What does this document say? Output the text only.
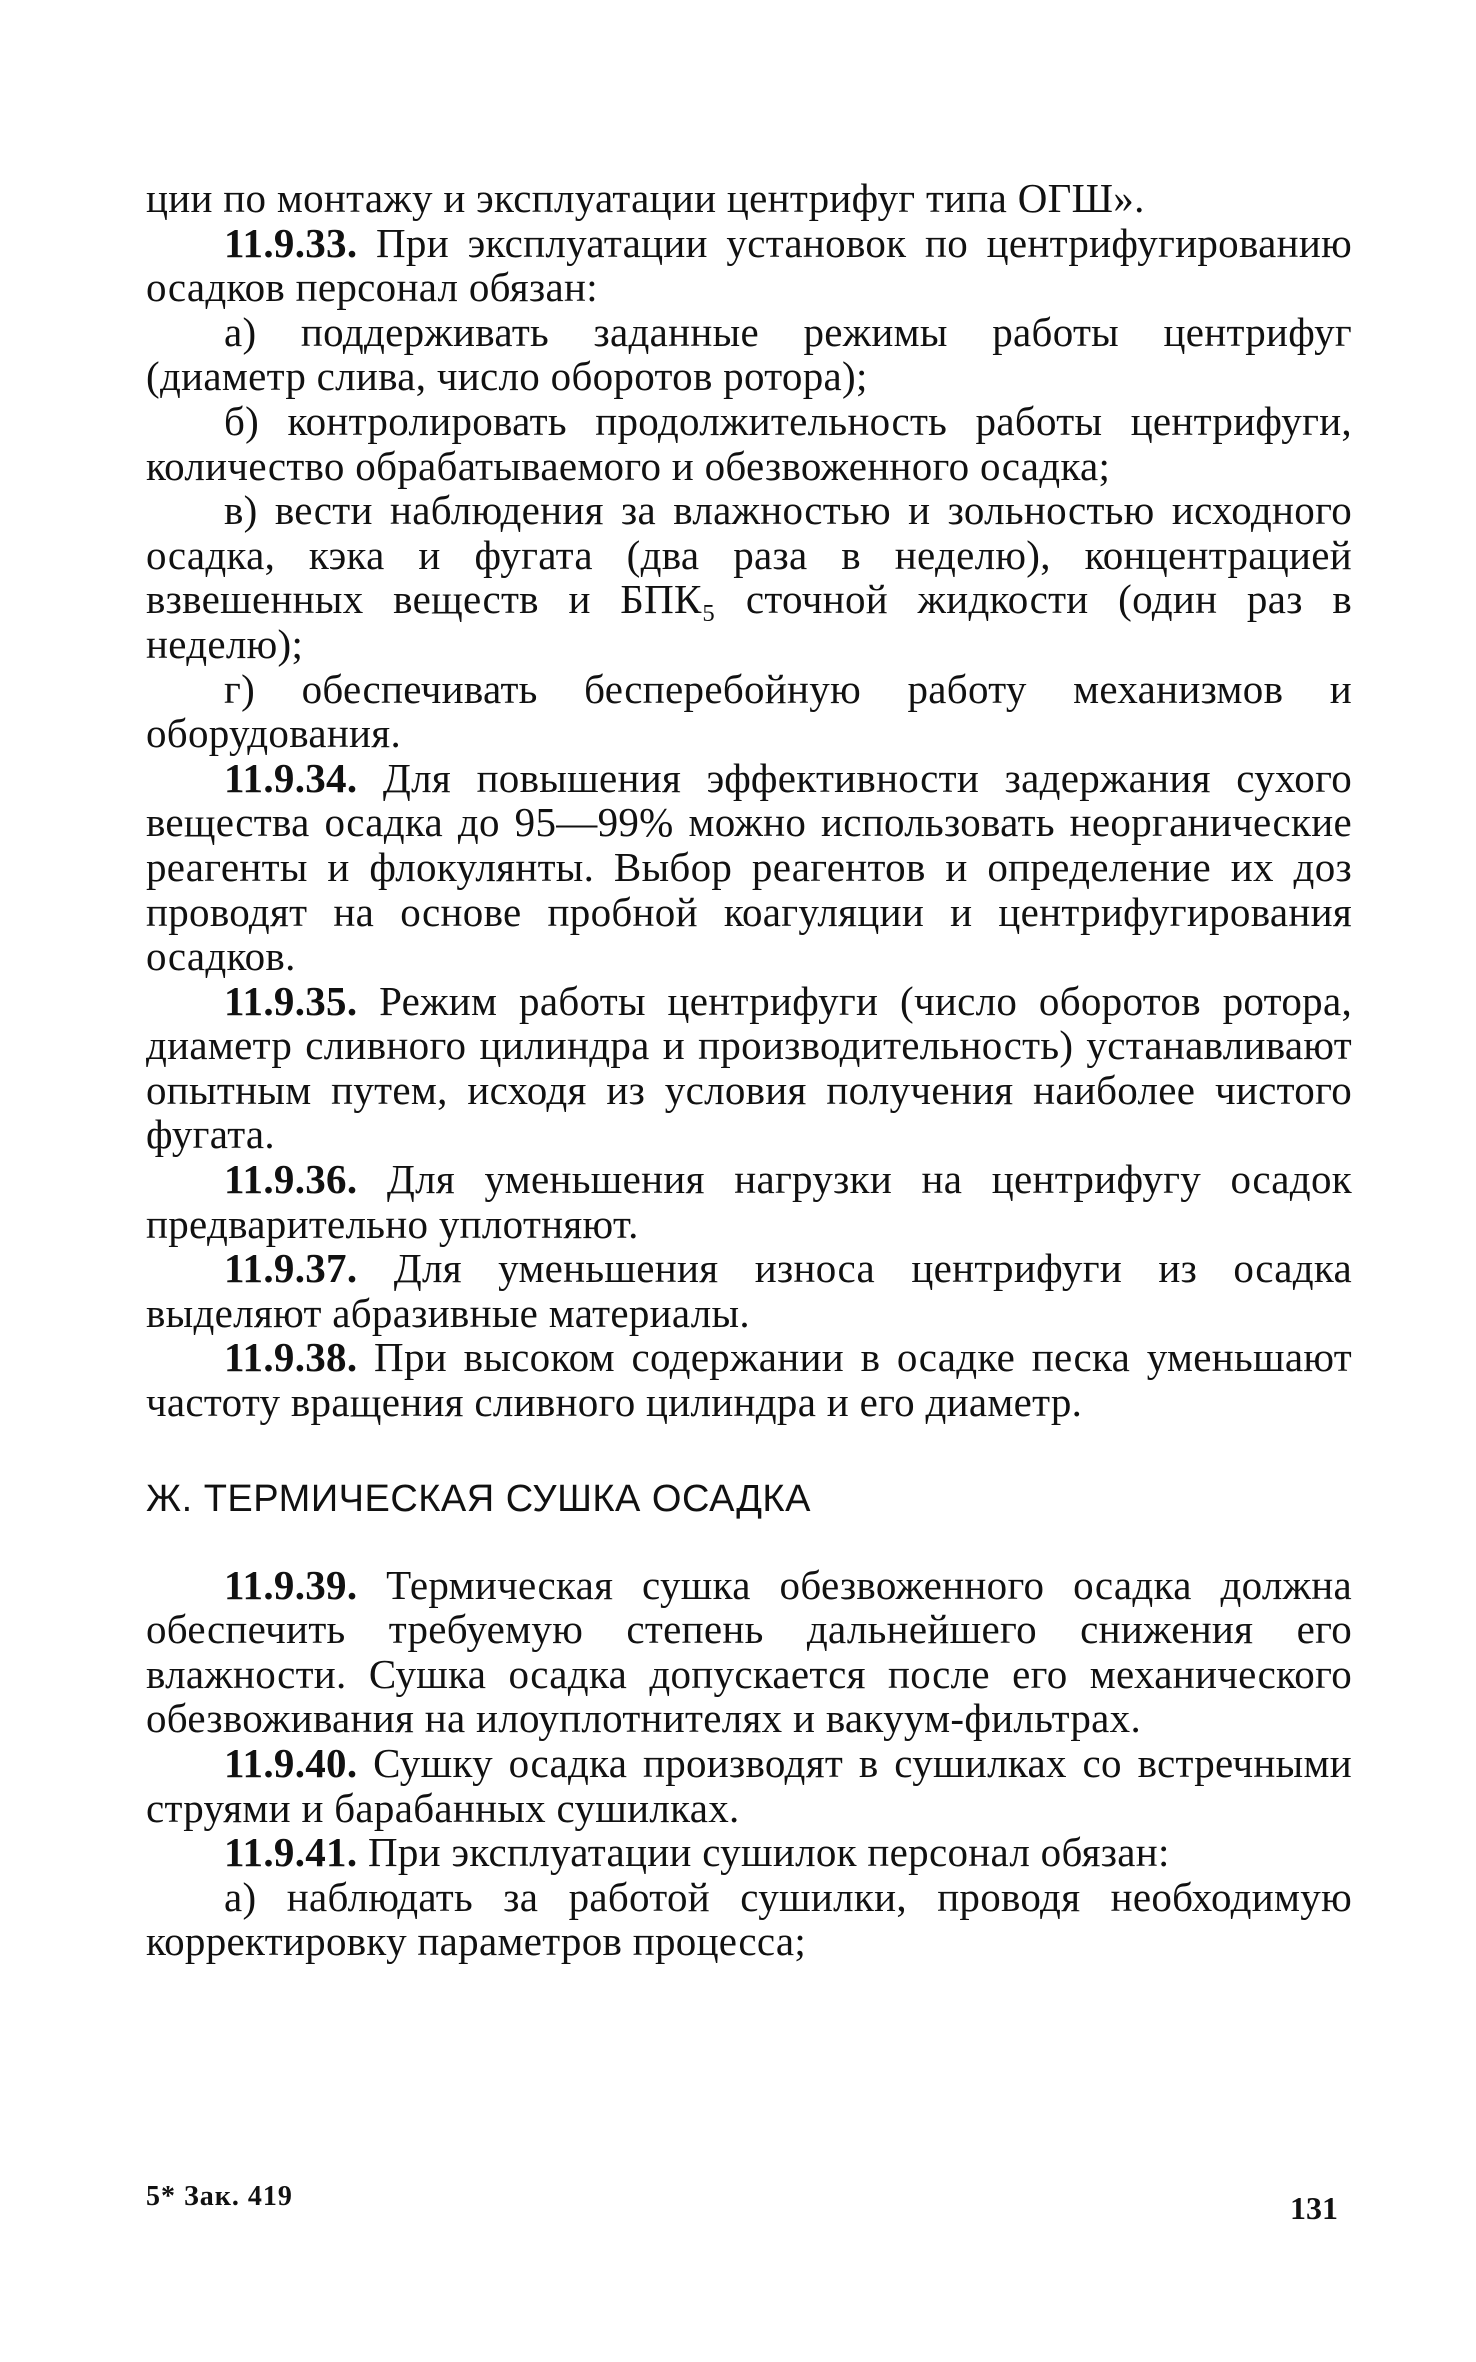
ции по монтажу и эксплуатации центрифуг типа ОГШ».

11.9.33. При эксплуатации установок по центрифугированию осадков персонал обязан:

а) поддерживать заданные режимы работы центрифуг (диаметр слива, число оборотов ротора);

б) контролировать продолжительность работы центрифуги, количество обрабатываемого и обезвоженного осадка;

в) вести наблюдения за влажностью и зольностью исходного осадка, кэка и фугата (два раза в неделю), концентрацией взвешенных веществ и БПК₅ сточной жидкости (один раз в неделю);

г) обеспечивать бесперебойную работу механизмов и оборудования.

11.9.34. Для повышения эффективности задержания сухого вещества осадка до 95—99% можно использовать неорганические реагенты и флокулянты. Выбор реагентов и определение их доз проводят на основе пробной коагуляции и центрифугирования осадков.

11.9.35. Режим работы центрифуги (число оборотов ротора, диаметр сливного цилиндра и производительность) устанавливают опытным путем, исходя из условия получения наиболее чистого фугата.

11.9.36. Для уменьшения нагрузки на центрифугу осадок предварительно уплотняют.

11.9.37. Для уменьшения износа центрифуги из осадка выделяют абразивные материалы.

11.9.38. При высоком содержании в осадке песка уменьшают частоту вращения сливного цилиндра и его диаметр.

Ж. ТЕРМИЧЕСКАЯ СУШКА ОСАДКА

11.9.39. Термическая сушка обезвоженного осадка должна обеспечить требуемую степень дальнейшего снижения его влажности. Сушка осадка допускается после его механического обезвоживания на илоуплотнителях и вакуум-фильтрах.

11.9.40. Сушку осадка производят в сушилках со встречными струями и барабанных сушилках.

11.9.41. При эксплуатации сушилок персонал обязан:

а) наблюдать за работой сушилки, проводя необходимую корректировку параметров процесса;

5* Зак. 419	131
